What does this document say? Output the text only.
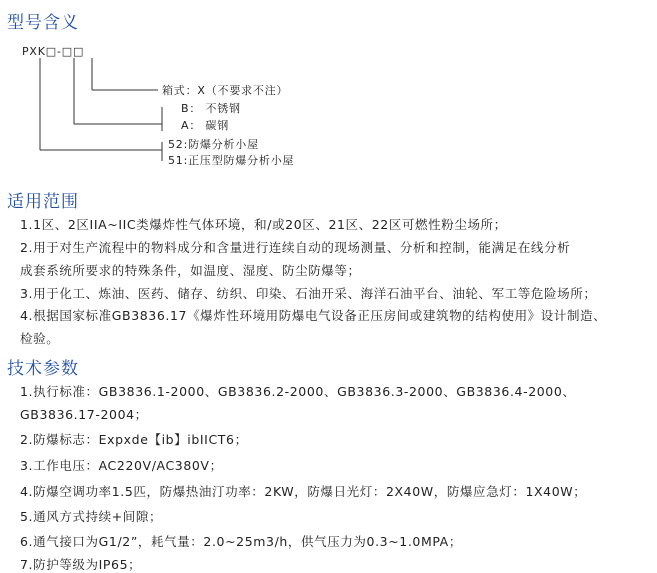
型号含义
PXK□-□□
箱式：X（不要求不注）
B： 不锈钢
A： 碳钢
52:防爆分析小屋
51:正压型防爆分析小屋
适用范围
1.1区、2区IIA~IIC类爆炸性气体环境，和/或20区、21区、22区可燃性粉尘场所；
2.用于对生产流程中的物料成分和含量进行连续自动的现场测量、分析和控制，能满足在线分析
成套系统所要求的特殊条件，如温度、湿度、防尘防爆等；
3.用于化工、炼油、医药、储存、纺织、印染、石油开采、海洋石油平台、油轮、军工等危险场所；
4.根据国家标准GB3836.17《爆炸性环境用防爆电气设备正压房间或建筑物的结构使用》设计制造、
检验。
技术参数
1.执行标准：GB3836.1-2000、GB3836.2-2000、GB3836.3-2000、GB3836.4-2000、
GB3836.17-2004；
2.防爆标志：Expxde【ib】ibIICT6；
3.工作电压：AC220V/AC380V；
4.防爆空调功率1.5匹，防爆热油汀功率：2KW，防爆日光灯：2X40W，防爆应急灯：1X40W；
5.通风方式持续+间隙；
6.通气接口为G1/2”，耗气量：2.0~25m3/h，供气压力为0.3~1.0MPA；
7.防护等级为IP65；
